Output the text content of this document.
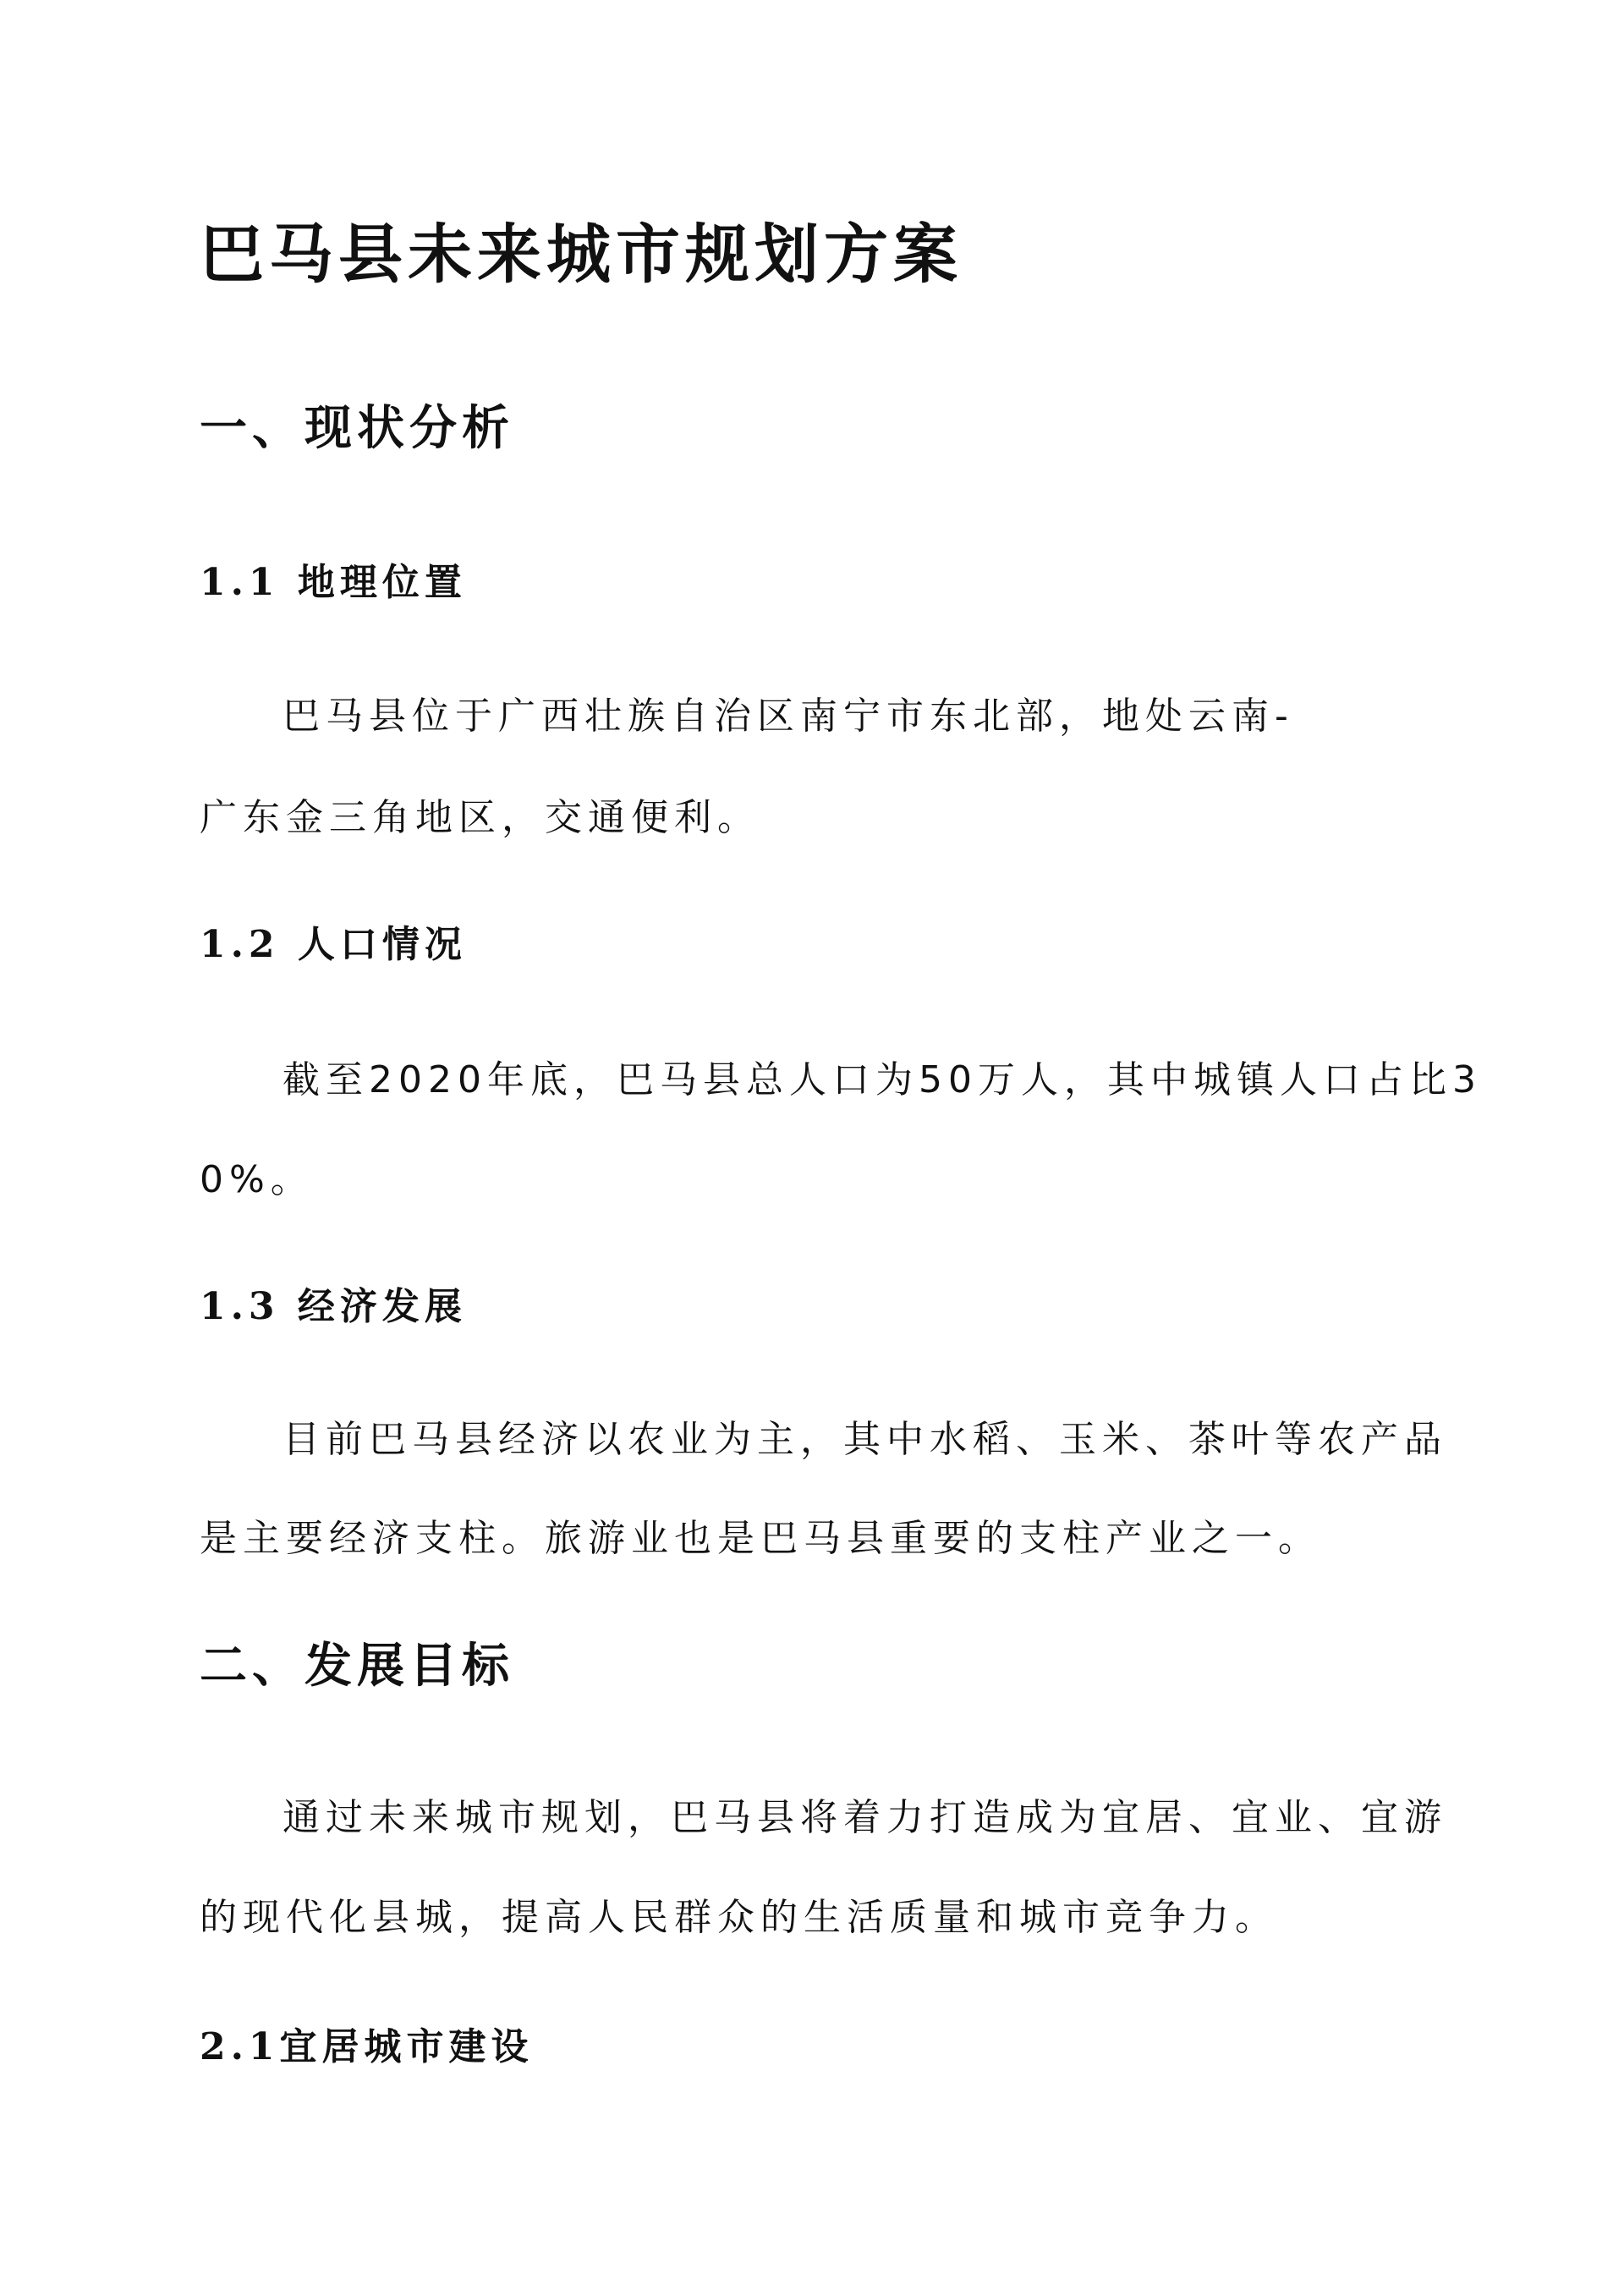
巴马县未来城市规划方案
一、现状分析
1.1 地理位置

巴马县位于广西壮族自治区南宁市东北部，地处云南-

广东金三角地区，交通便利。

1.2 人口情况

截至2020年底，巴马县总人口为50万人，其中城镇人口占比3

0%。

1.3 经济发展

目前巴马县经济以农业为主，其中水稻、玉米、茶叶等农产品

是主要经济支柱。旅游业也是巴马县重要的支柱产业之一。

二、发展目标

通过未来城市规划，巴马县将着力打造成为宜居、宜业、宜游

的现代化县城，提高人民群众的生活质量和城市竞争力。

2.1宜居城市建设
